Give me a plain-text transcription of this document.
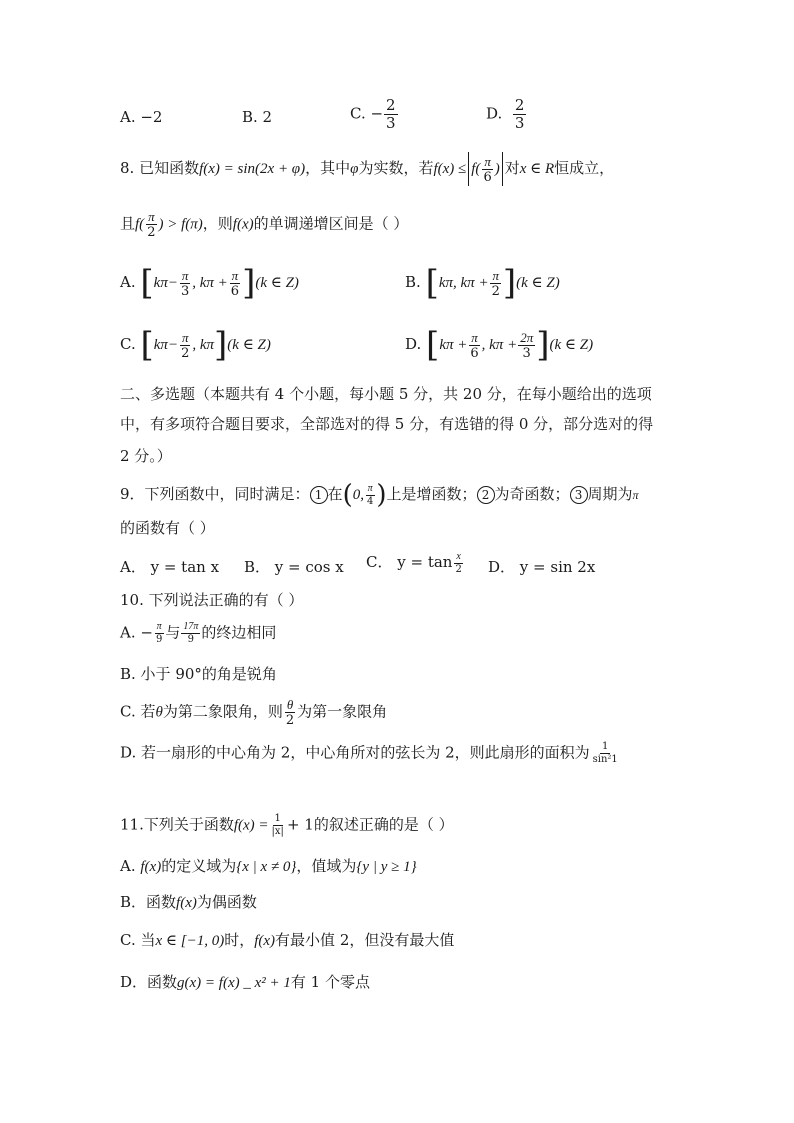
A. −2	B. 2	C. − $\frac{2}{3}$	D. $\frac{2}{3}$
8. 已知函数f(x) = sin(2x + φ)，其中φ为实数，若$f(x) \le f( \frac{\pi}{6}$ ) 对x ∈ R恒成立，
且$f( \frac{\pi}{2}$ ) > f(π)，则f(x)的单调递增区间是（ ）
A. [$k\pi- \frac{\pi}{3}$ , $k\pi + \frac{\pi}{6} ](k$ ∈ Z)	B. [kπ, $k\pi + \frac{\pi}{2} ](k$ ∈ Z)
C. [$k\pi- \frac{\pi}{2}$ , kπ](k ∈ Z)	D. [$k\pi + \frac{\pi}{6}$ , $k\pi + \frac{2\pi}{3} ](k$ ∈ Z)
二、多选题（本题共有 4 个小题，每小题 5 分，共 20 分，在每小题给出的选项
中，有多项符合题目要求，全部选对的得 5 分，有选错的得 0 分，部分选对的得
2 分。）
9．下列函数中，同时满足： 1 在(0, $\frac{\pi}{4}$ )上是增函数； 2 为奇函数； 3 周期为π
的函数有（ ）
A． y = tan x B． y = cos x C． $y = \tan \frac{x}{2}$ D． y = sin 2x
10. 下列说法正确的有（ ）
A. − $\frac{\pi}{9}$ 与 $\frac{17\pi}{9}$ 的终边相同
B. 小于 90°的角是锐角
C. 若θ为第二象限角，则 $\frac{\theta}{2}$ 为第一象限角
D. 若一扇形的中心角为 2，中心角所对的弦长为 2，则此扇形的面积为 $\frac{1}{\text{sin²1}}$
11.下列关于函数$f(x) = \frac{1}{|x|} + 1$的叙述正确的是（ ）
A. f(x)的定义域为{x | x ≠ 0}，值域为{y | y ≥ 1}
B．函数f(x)为偶函数
C. 当x ∈ [−1, 0)时，f(x)有最小值 2，但没有最大值
D．函数g(x) = f(x) _ x² + 1有 1 个零点
